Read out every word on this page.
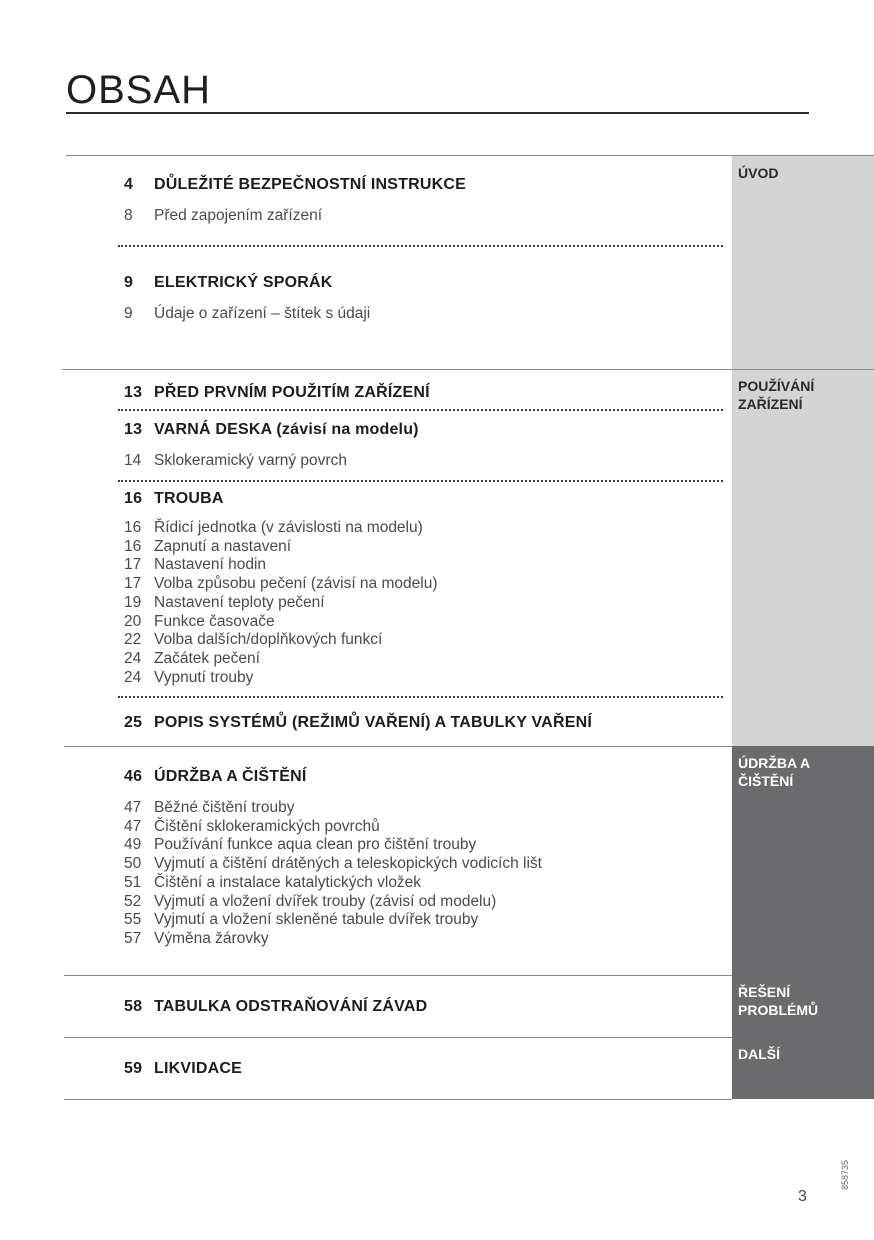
OBSAH
ÚVOD
POUŽÍVÁNÍ
ZAŘÍZENÍ
ÚDRŽBA A
ČIŠTĚNÍ
ŘEŠENÍ
PROBLÉMŮ
DALŠÍ
4 DŮLEŽITÉ BEZPEČNOSTNÍ INSTRUKCE
8 Před zapojením zařízení
9 ELEKTRICKÝ SPORÁK
9 Údaje o zařízení – štítek s údaji
13 PŘED PRVNÍM POUŽITÍM ZAŘÍZENÍ
13 VARNÁ DESKA (závisí na modelu)
14 Sklokeramický varný povrch
16 TROUBA
16 Řídicí jednotka (v závislosti na modelu)
16 Zapnutí a nastavení
17 Nastavení hodin
17 Volba způsobu pečení (závisí na modelu)
19 Nastavení teploty pečení
20 Funkce časovače
22 Volba dalších/doplňkových funkcí
24 Začátek pečení
24 Vypnutí trouby
25 POPIS SYSTÉMŮ (REŽIMŮ VAŘENÍ) A TABULKY VAŘENÍ
46 ÚDRŽBA A ČIŠTĚNÍ
47 Běžné čištění trouby
47 Čištění sklokeramických povrchů
49 Používání funkce aqua clean pro čištění trouby
50 Vyjmutí a čištění drátěných a teleskopických vodicích lišt
51 Čištění a instalace katalytických vložek
52 Vyjmutí a vložení dvířek trouby (závisí od modelu)
55 Vyjmutí a vložení skleněné tabule dvířek trouby
57 Výměna žárovky
58 TABULKA ODSTRAŇOVÁNÍ ZÁVAD
59 LIKVIDACE
858735
3
